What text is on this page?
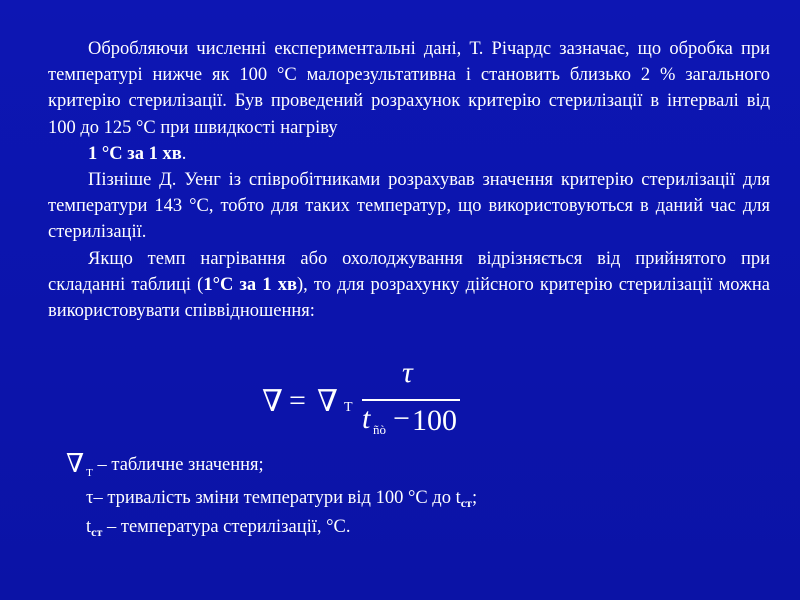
Обробляючи численні експериментальні дані, Т. Річардс зазначає, що обробка при температурі нижче як 100 °С малорезультативна і становить близько 2 % загального критерію стерилізації. Був проведений розрахунок критерію стерилізації в інтервалі від 100 до 125 °С при швидкості нагріву

1 °С за 1 хв.

Пізніше Д. Уенг із співробітниками розрахував значення критерію стерилізації для температури 143 °С, тобто для таких температур, що використовуються в даний час для стерилізації.

Якщо темп нагрівання або охолоджування відрізняється від прийнятого при складанні таблиці (1°С за 1 хв), то для розрахунку дійсного критерію стерилізації можна використовувати співвідношення:

∇ = ∇ Т
τ
t ñò − 100
∇ $_Т$ – табличне значення;
τ– тривалість зміни температури від 100 °С до $t_{ст}$;
$t_{ст}$ – температура стерилізації, °С.
